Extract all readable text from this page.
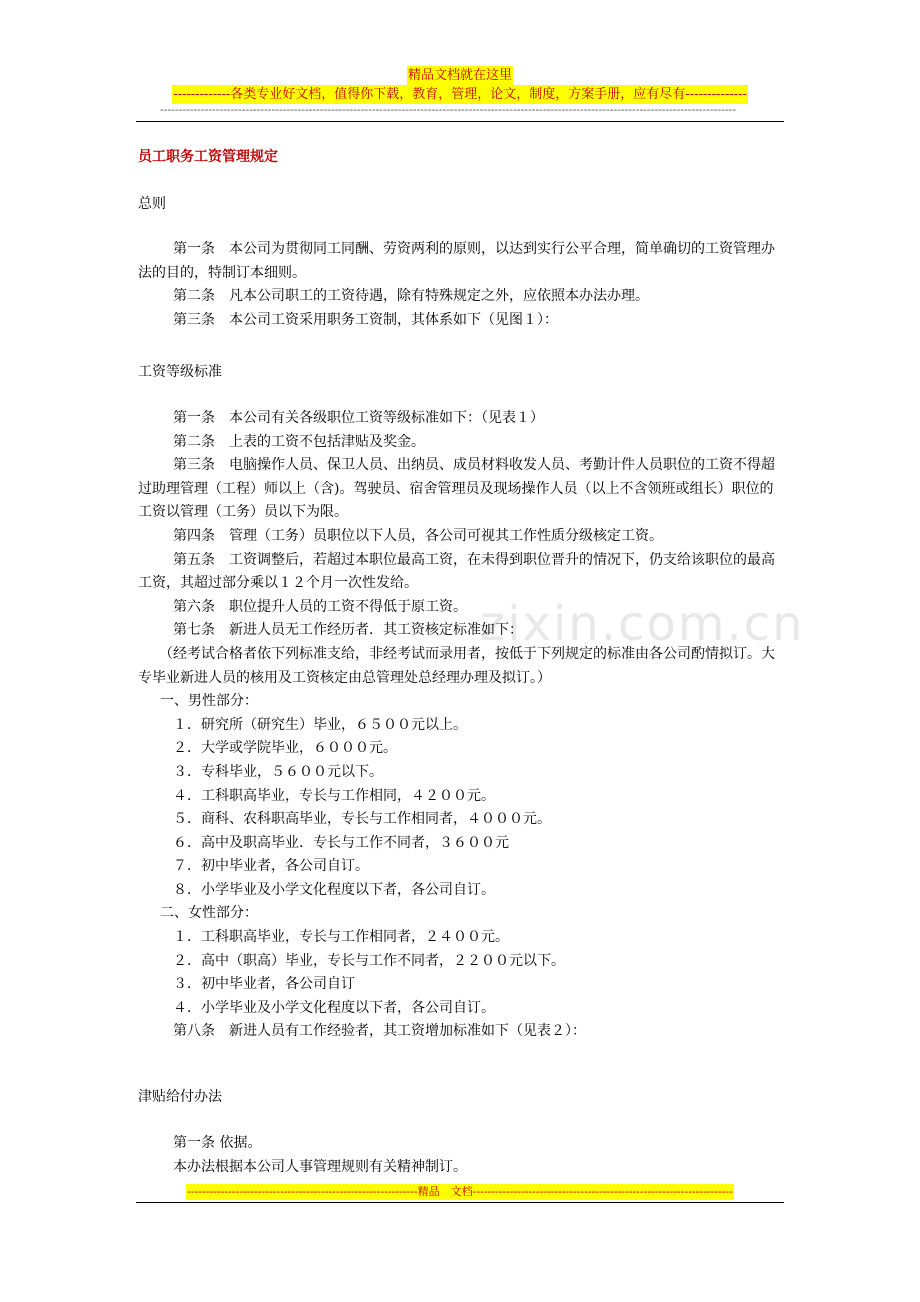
精品文档就在这里
-------------各类专业好文档，值得你下载，教育，管理，论文，制度，方案手册，应有尽有--------------
-----------------------------------------------------------------------------------------------------------------------------------------------------------
zixin.com.cn
员工职务工资管理规定
总则

第一条　本公司为贯彻同工同酬、劳资两利的原则，以达到实行公平合理，简单确切的工资管理办法的目的，特制订本细则。

第二条　凡本公司职工的工资待遇，除有特殊规定之外，应依照本办法办理。

第三条　本公司工资采用职务工资制，其体系如下（见图１）：

工资等级标准

第一条　本公司有关各级职位工资等级标准如下：（见表１）

第二条　上表的工资不包括津贴及奖金。

第三条　电脑操作人员、保卫人员、出纳员、成员材料收发人员、考勤计件人员职位的工资不得超过助理管理（工程）师以上（含)。驾驶员、宿舍管理员及现场操作人员（以上不含领班或组长）职位的工资以管理（工务）员以下为限。

第四条　管理（工务）员职位以下人员，各公司可视其工作性质分级核定工资。

第五条　工资调整后，若超过本职位最高工资，在未得到职位晋升的情况下，仍支给该职位的最高工资，其超过部分乘以１２个月一次性发给。

第六条　职位提升人员的工资不得低于原工资。

第七条　新进人员无工作经历者．其工资核定标准如下：

（经考试合格者依下列标准支给，非经考试而录用者，按低于下列规定的标准由各公司酌情拟订。大专毕业新进人员的核用及工资核定由总管理处总经理办理及拟订。）

一、男性部分：

１．研究所（研究生）毕业，６５００元以上。

２．大学或学院毕业，６０００元。

３．专科毕业，５６００元以下。

４．工科职高毕业，专长与工作相同，４２００元。

５．商科、农科职高毕业，专长与工作相同者，４０００元。

６．高中及职高毕业．专长与工作不同者，３６００元

７．初中毕业者，各公司自订。

８．小学毕业及小学文化程度以下者，各公司自订。

二、女性部分：

１．工科职高毕业，专长与工作相同者，２４００元。

２．高中（职高）毕业，专长与工作不同者，２２００元以下。

３．初中毕业者，各公司自订

４．小学毕业及小学文化程度以下者，各公司自订。

第八条　新进人员有工作经验者，其工资增加标准如下（见表２）：

津贴给付办法

第一条 依据。

本办法根据本公司人事管理规则有关精神制订。

--------------------------------------------------------------精品　文档----------------------------------------------------------------------
